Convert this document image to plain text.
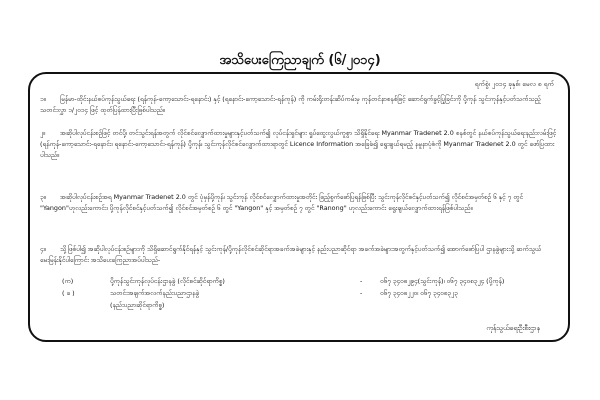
အသိပေးကြေညာချက် (၆/၂၀၁၄)
ရက်စွဲ၊ ၂၀၁၄ ခုနှစ်၊ မေလ ၈ ရက်
၁။ မြန်မာ-ထိုင်းနယ်စပ်ကုန်သွယ်ရေး (ရန်ကုန်-ကော့သောင်း-ရနောင်း) နှင့် (ရနောင်း-ကော့သောင်း-ရန်ကုန်) ကို ကမ်းရိုးတန်းဆိပ်ကမ်းမှ ကုန်တင်နာစနစ်ဖြင့် ဆောင်ရွက်ခွင့်ပြုခြင်းကို ပို့ကုန် သွင်းကုန်နှင့်ပတ်သက်သည့်သတင်းလွှာ ၁/၂၀၁၄ ဖြင့် ထုတ်ပြန်ထားပြီးဖြစ်ပါသည်။
၂။ အဆိုပါလုပ်ငန်းစဉ်ဖြင့် တင်ပို့၊ တင်သွင်းရန်အတွက် လိုင်စင်လျှောက်ထားမှုများနှင့်ပတ်သက်၍ လုပ်ငန်းရှင်များ ရှုပ်ထွေးလွယ်ကူစွာ သိရှိနိုင်ရေး Myanmar Tradenet 2.0 စနစ်တွင် နယ်စပ်ကုန်သွယ်ရေးနည်းလမ်းဖြင့် (ရန်ကုန်-ကော့သောင်း-ရနောင်း၊ ရနောင်း-ကော့သောင်း-ရန်ကုန်) ပို့ကုန်၊ သွင်းကုန်လိုင်စင်လျှောက်ထားရာတွင် Licence Information အခြေခံ၍ ရွေးချယ်ရမည့် နမူနာပုံစံကို Myanmar Tradenet 2.0 တွင် ဖော်ပြထားပါသည်။
၃။ အဆိုပါလုပ်ငန်းစဉ်အရ Myanmar Tradenet 2.0 တွင် ပုံမှန်ပို့ကုန်၊ သွင်းကုန် လိုင်စင်လျှောက်ထားမှုအတိုင်း ဖြည့်စွက်ဖော်ပြရန်ဖြစ်ပြီး သွင်းကုန်လိုင်စင်နှင့်ပတ်သက်၍ လိုင်စင်အမှတ်စဉ် ၆ နှင့် ၇ တွင် "Yangon"ဟုလည်းကောင်း၊ ပို့ကုန်လိုင်စင်နှင့်ပတ်သက်၍ လိုင်စင်အမှတ်စဉ် ၆ တွင် "Yangon" နှင့် အမှတ်စဉ် ၇ တွင် "Ranong" ဟုလည်းကောင်း ရွေးချယ်လျှောက်ထားရန်ဖြစ်ပါသည်။
၄။ သို့ဖြစ်ပါ၍ အဆိုပါလုပ်ငန်းစဉ်များကို သိရှိဆောင်ရွက်နိုင်ရန်နှင့် သွင်းကုန်/ပို့ကုန်လိုင်စင်ဆိုင်ရာအခက်အခဲများနှင့် နည်းပညာဆိုင်ရာ အခက်အခဲများအတွက်နှင့်ပတ်သက်၍ အောက်ဖော်ပြပါ ဌာနခွဲများသို့ ဆက်သွယ်မေးမြန်းနိုင်ပါကြောင်း အသိပေးကြေညာအပ်ပါသည်-
(က)	ပို့ကုန်သွင်းကုန်လုပ်ငန်းဌာနခွဲ (လိုင်စင်ဆိုင်ရာကိစ္စ)	-	၀၆၇ ၃၄၀၈၂၉၄(သွင်းကုန်)၊ ၀၆၇ ၃၄၀၈၃၂၄ (ပို့ကုန်)
( ခ )	သတင်းအချက်အလက်နည်းပညာဌာနခွဲ	-	၀၆၇ ၃၄၀၈၂၂၀၊ ၀၆၇ ၃၄၀၈၃၂၃
(နည်းပညာဆိုင်ရာကိစ္စ)
ကုန်သွယ်ရေးဦးစီးဌာန
